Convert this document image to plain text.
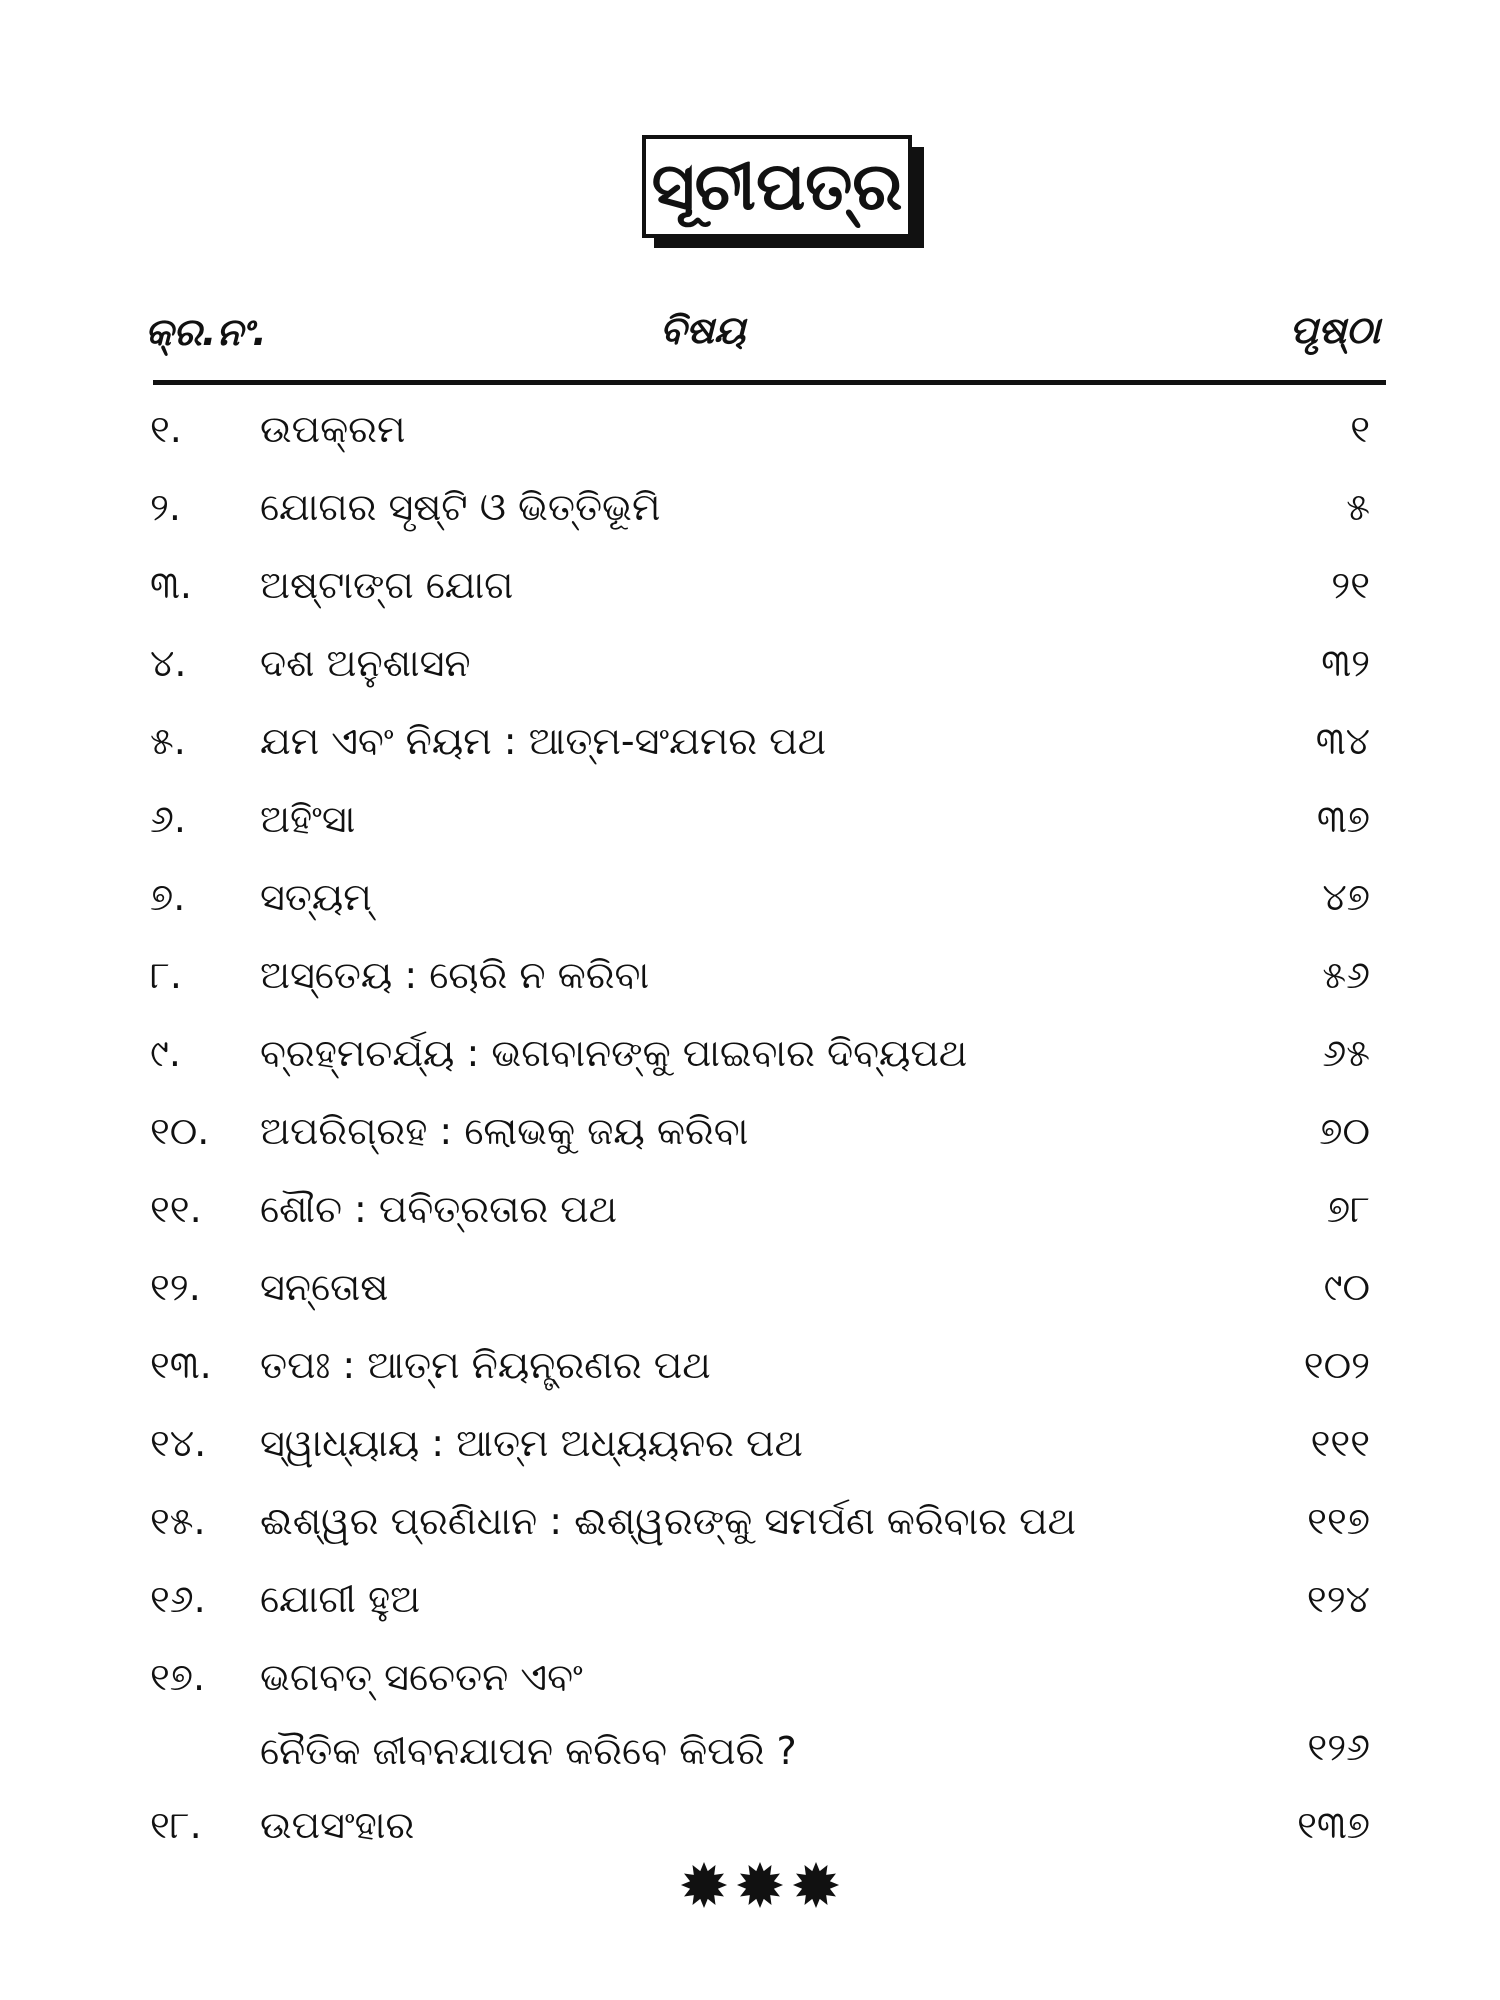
ସୂଚୀପତ୍ର
କ୍ର.ନଂ.	ବିଷୟ	ପୃଷ୍ଠା
୧. ଉପକ୍ରମ	୧
୨. ଯୋଗର ସୃଷ୍ଟି ଓ ଭିତ୍ତିଭୂମି	୫
୩. ଅଷ୍ଟାଙ୍ଗ ଯୋଗ	୨୧
୪. ଦଶ ଅନୁଶାସନ	୩୨
୫. ଯମ ଏବଂ ନିୟମ : ଆତ୍ମ-ସଂଯମର ପଥ	୩୪
୬. ଅହିଂସା	୩୭
୭. ସତ୍ୟମ୍	୪୭
୮. ଅସ୍ତେୟ : ଚୋରି ନ କରିବା	୫୬
୯. ବ୍ରହ୍ମଚର୍ଯ୍ୟ : ଭଗବାନଙ୍କୁ ପାଇବାର ଦିବ୍ୟପଥ	୬୫
୧୦. ଅପରିଗ୍ରହ : ଲୋଭକୁ ଜୟ କରିବା	୭୦
୧୧. ଶୌଚ : ପବିତ୍ରତାର ପଥ	୭୮
୧୨. ସନ୍ତୋଷ	୯୦
୧୩. ତପଃ : ଆତ୍ମ ନିୟନ୍ତ୍ରଣର ପଥ	୧୦୨
୧୪. ସ୍ୱାଧ୍ୟାୟ : ଆତ୍ମ ଅଧ୍ୟୟନର ପଥ	୧୧୧
୧୫. ଈଶ୍ୱର ପ୍ରଣିଧାନ : ଈଶ୍ୱରଙ୍କୁ ସମର୍ପଣ କରିବାର ପଥ	୧୧୭
୧୬. ଯୋଗୀ ହୁଅ	୧୨୪
୧୭. ଭଗବତ୍ ସଚେତନ ଏବଂ
ନୈତିକ ଜୀବନଯାପନ କରିବେ କିପରି ?	୧୨୬
୧୮. ଉପସଂହାର	୧୩୭
